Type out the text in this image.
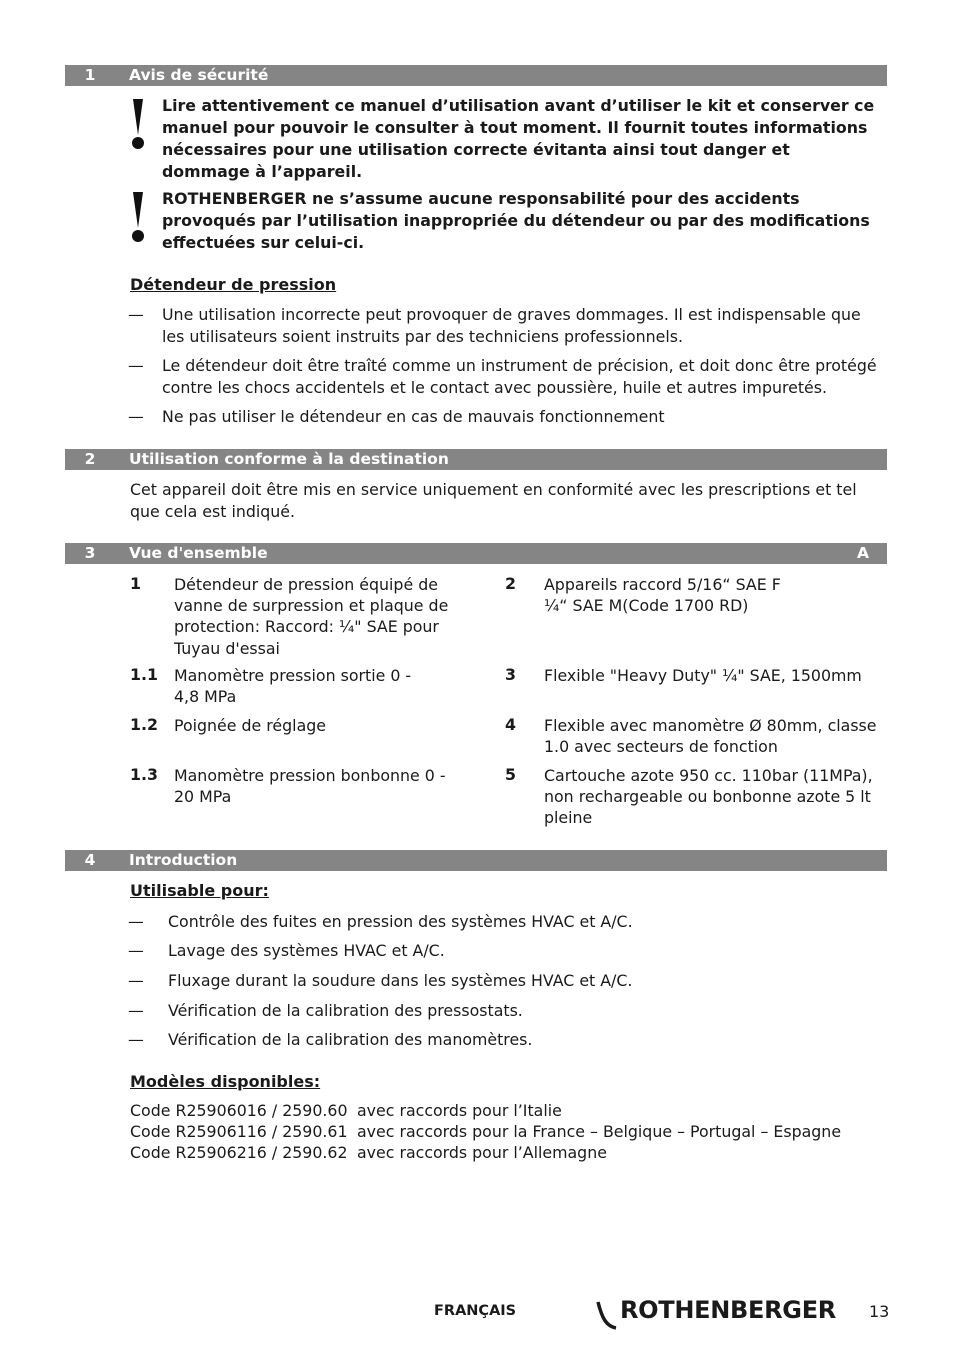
1	Avis de sécurité
Lire attentivement ce manuel d’utilisation avant d’utiliser le kit et conserver ce manuel pour pouvoir le consulter à tout moment. Il fournit toutes informations nécessaires pour une utilisation correcte évitanta ainsi tout danger et dommage à l’appareil.
ROTHENBERGER ne s’assume aucune responsabilité pour des accidents provoqués par l’utilisation inappropriée du détendeur ou par des modifications effectuées sur celui-ci.
Détendeur de pression
— Une utilisation incorrecte peut provoquer de graves dommages. Il est indispensable que les utilisateurs soient instruits par des techniciens professionnels.
— Le détendeur doit être traîté comme un instrument de précision, et doit donc être protégé contre les chocs accidentels et le contact avec poussière, huile et autres impuretés.
— Ne pas utiliser le détendeur en cas de mauvais fonctionnement
2	Utilisation conforme à la destination
Cet appareil doit être mis en service uniquement en conformité avec les prescriptions et tel que cela est indiqué.
3	Vue d'ensemble	A
1 Détendeur de pression équipé de vanne de surpression et plaque de protection: Raccord: ¼" SAE pour Tuyau d'essai
1.1 Manomètre pression sortie 0 - 4,8 MPa
1.2 Poignée de réglage
1.3 Manomètre pression bonbonne 0 - 20 MPa
2 Appareils raccord 5/16“ SAE F ¼“ SAE M(Code 1700 RD)
3 Flexible "Heavy Duty" ¼" SAE, 1500mm
4 Flexible avec manomètre Ø 80mm, classe 1.0 avec secteurs de fonction
5 Cartouche azote 950 cc. 110bar (11MPa), non rechargeable ou bonbonne azote 5 lt pleine
4	Introduction
Utilisable pour:
— Contrôle des fuites en pression des systèmes HVAC et A/C.
— Lavage des systèmes HVAC et A/C.
— Fluxage durant la soudure dans les systèmes HVAC et A/C.
— Vérification de la calibration des pressostats.
— Vérification de la calibration des manomètres.
Modèles disponibles:
Code R25906016 / 2590.60 avec raccords pour l’Italie
Code R25906116 / 2590.61 avec raccords pour la France – Belgique – Portugal – Espagne
Code R25906216 / 2590.62 avec raccords pour l’Allemagne
FRANÇAIS	ROTHENBERGER 13
